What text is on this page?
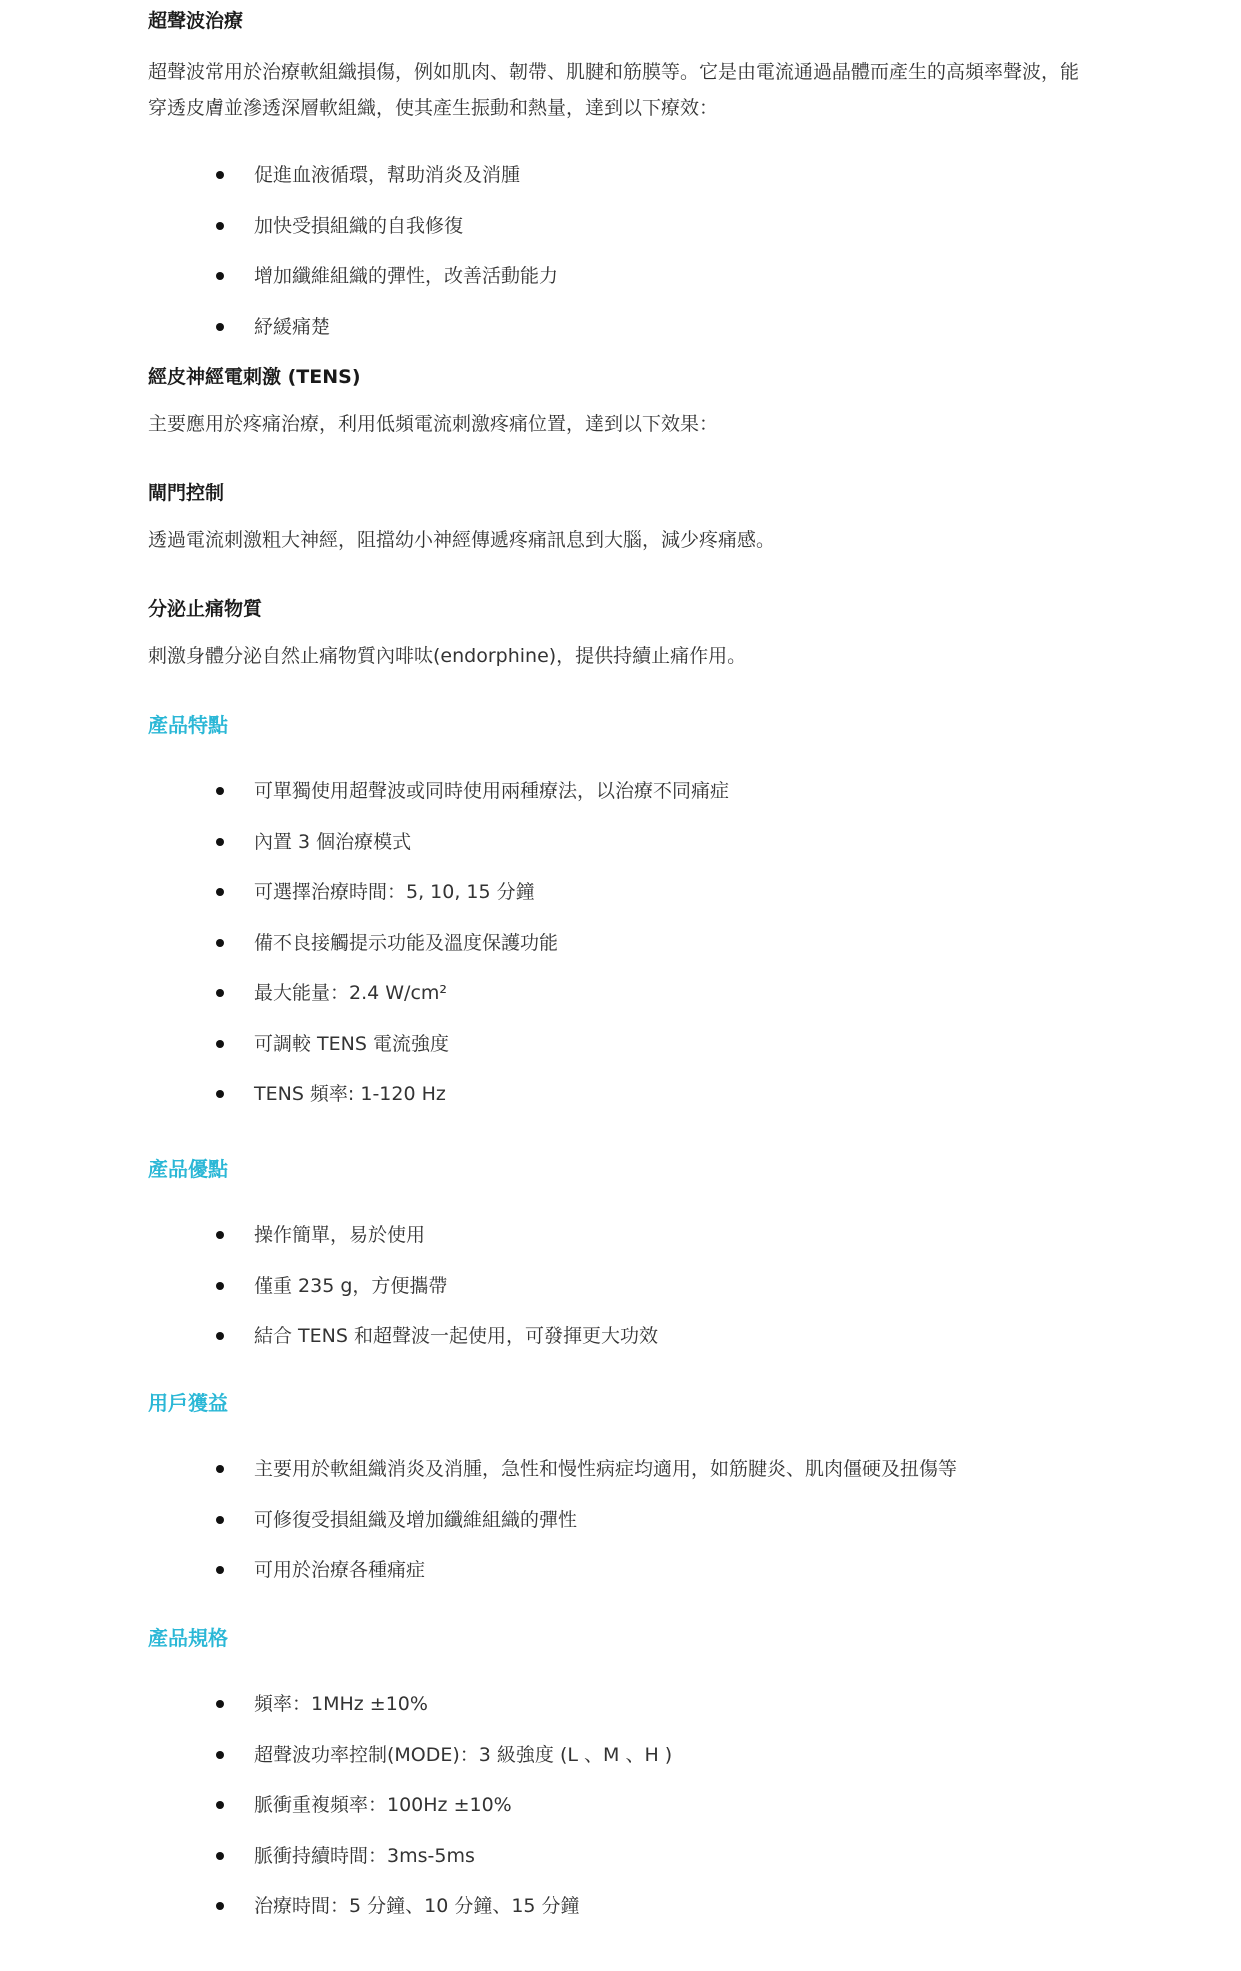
超聲波治療

超聲波常用於治療軟組織損傷，例如肌肉、韌帶、肌腱和筋膜等。它是由電流通過晶體而產生的高頻率聲波，能穿透皮膚並滲透深層軟組織，使其產生振動和熱量，達到以下療效：

促進血液循環，幫助消炎及消腫
加快受損組織的自我修復
增加纖維組織的彈性，改善活動能力
紓緩痛楚
經皮神經電刺激 (TENS)

主要應用於疼痛治療，利用低頻電流刺激疼痛位置，達到以下效果：

閘門控制

透過電流刺激粗大神經，阻擋幼小神經傳遞疼痛訊息到大腦，減少疼痛感。

分泌止痛物質

刺激身體分泌自然止痛物質內啡呔(endorphine)，提供持續止痛作用。

產品特點
可單獨使用超聲波或同時使用兩種療法，以治療不同痛症
內置 3 個治療模式
可選擇治療時間：5, 10, 15 分鐘
備不良接觸提示功能及溫度保護功能
最大能量：2.4 W/cm²
可調較 TENS 電流強度
TENS 頻率: 1-120 Hz
產品優點
操作簡單，易於使用
僅重 235 g，方便攜帶
結合 TENS 和超聲波一起使用，可發揮更大功效
用戶獲益
主要用於軟組織消炎及消腫，急性和慢性病症均適用，如筋腱炎、肌肉僵硬及扭傷等
可修復受損組織及增加纖維組織的彈性
可用於治療各種痛症
產品規格
頻率：1MHz ±10%
超聲波功率控制(MODE)：3 級強度 (L 、M 、H )
脈衝重複頻率：100Hz ±10%
脈衝持續時間：3ms-5ms
治療時間：5 分鐘、10 分鐘、15 分鐘
